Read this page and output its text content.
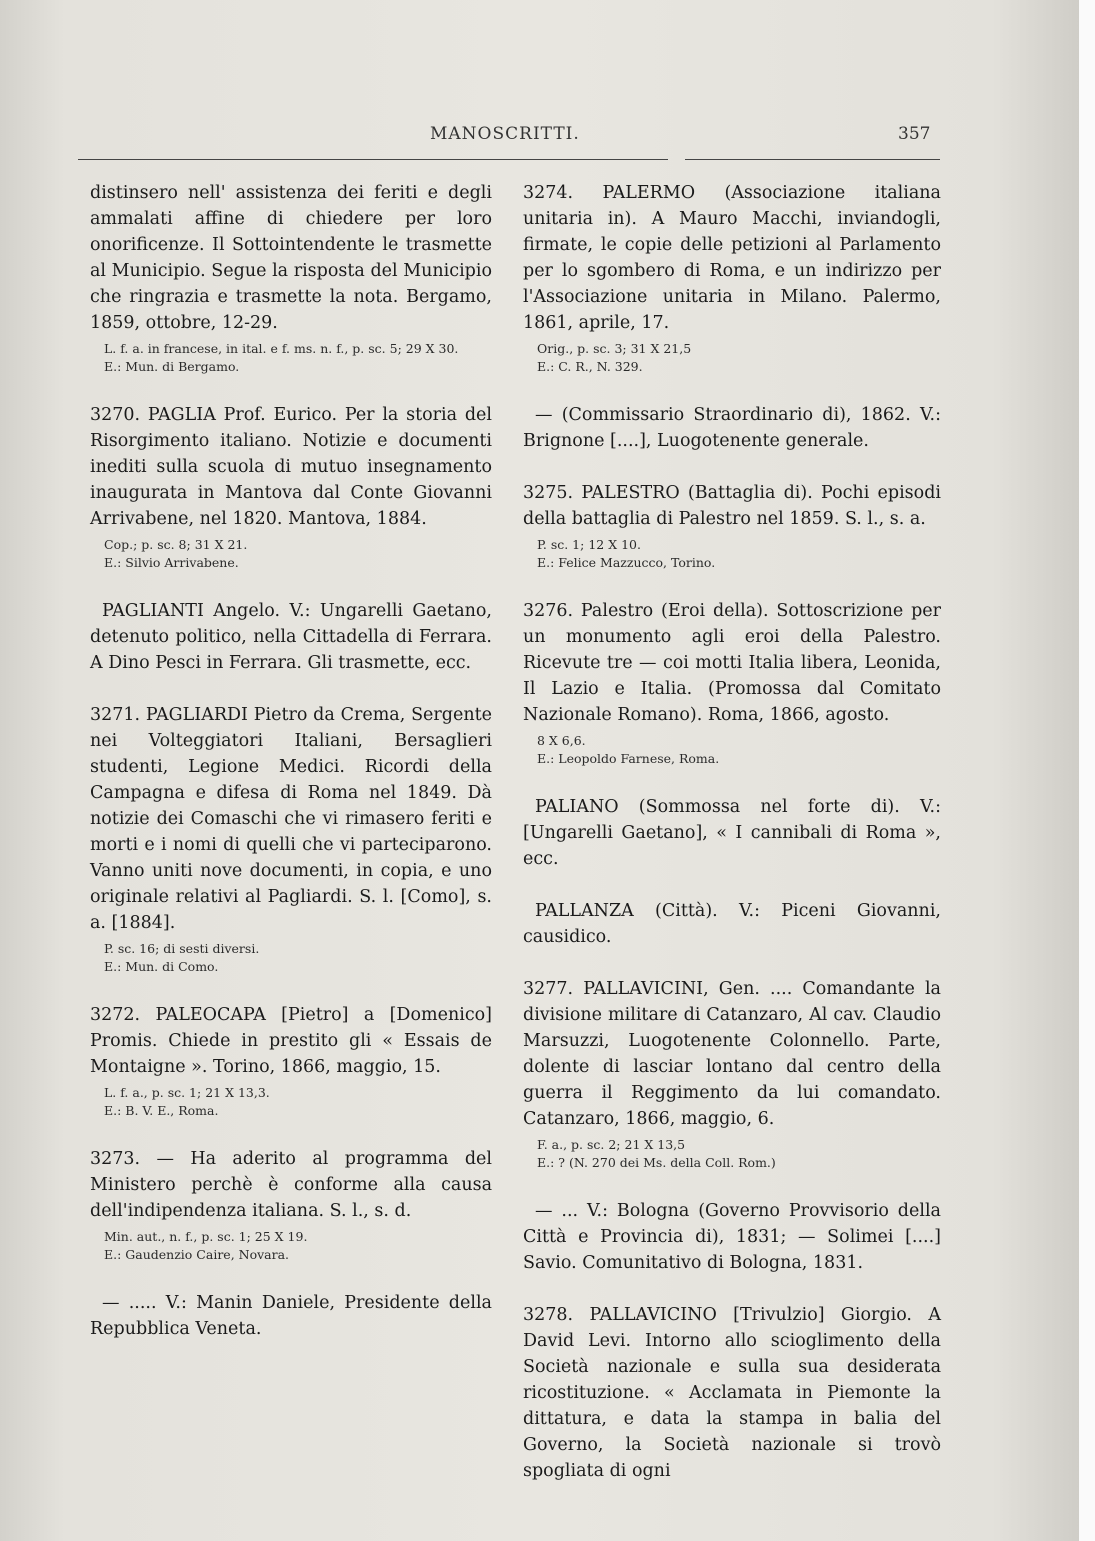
MANOSCRITTI.	357

distinsero nell' assistenza dei feriti e degli ammalati affine di chiedere per loro onorificenze. Il Sottointendente le trasmette al Municipio. Segue la risposta del Municipio che ringrazia e trasmette la nota. Bergamo, 1859, ottobre, 12-29.

L. f. a. in francese, in ital. e f. ms. n. f., p. sc. 5; 29 X 30.
E.: Mun. di Bergamo.

3270. PAGLIA Prof. Eurico. Per la storia del Risorgimento italiano. Notizie e documenti inediti sulla scuola di mutuo insegnamento inaugurata in Mantova dal Conte Giovanni Arrivabene, nel 1820. Mantova, 1884.

Cop.; p. sc. 8; 31 X 21.
E.: Silvio Arrivabene.

PAGLIANTI Angelo. V.: Ungarelli Gaetano, detenuto politico, nella Cittadella di Ferrara. A Dino Pesci in Ferrara. Gli trasmette, ecc.

3271. PAGLIARDI Pietro da Crema, Sergente nei Volteggiatori Italiani, Bersaglieri studenti, Legione Medici. Ricordi della Campagna e difesa di Roma nel 1849. Dà notizie dei Comaschi che vi rimasero feriti e morti e i nomi di quelli che vi parteciparono. Vanno uniti nove documenti, in copia, e uno originale relativi al Pagliardi. S. l. [Como], s. a. [1884].

P. sc. 16; di sesti diversi.
E.: Mun. di Como.

3272. PALEOCAPA [Pietro] a [Domenico] Promis. Chiede in prestito gli « Essais de Montaigne ». Torino, 1866, maggio, 15.

L. f. a., p. sc. 1; 21 X 13,3.
E.: B. V. E., Roma.

3273. — Ha aderito al programma del Ministero perchè è conforme alla causa dell'indipendenza italiana. S. l., s. d.

Min. aut., n. f., p. sc. 1; 25 X 19.
E.: Gaudenzio Caire, Novara.

— ..... V.: Manin Daniele, Presidente della Repubblica Veneta.

3274. PALERMO (Associazione italiana unitaria in). A Mauro Macchi, inviandogli, firmate, le copie delle petizioni al Parlamento per lo sgombero di Roma, e un indirizzo per l'Associazione unitaria in Milano. Palermo, 1861, aprile, 17.

Orig., p. sc. 3; 31 X 21,5
E.: C. R., N. 329.

— (Commissario Straordinario di), 1862. V.: Brignone [....], Luogotenente generale.

3275. PALESTRO (Battaglia di). Pochi episodi della battaglia di Palestro nel 1859. S. l., s. a.

P. sc. 1; 12 X 10.
E.: Felice Mazzucco, Torino.

3276. Palestro (Eroi della). Sottoscrizione per un monumento agli eroi della Palestro. Ricevute tre — coi motti Italia libera, Leonida, Il Lazio e Italia. (Promossa dal Comitato Nazionale Romano). Roma, 1866, agosto.

8 X 6,6.
E.: Leopoldo Farnese, Roma.

PALIANO (Sommossa nel forte di). V.: [Ungarelli Gaetano], « I cannibali di Roma », ecc.

PALLANZA (Città). V.: Piceni Giovanni, causidico.

3277. PALLAVICINI, Gen. .... Comandante la divisione militare di Catanzaro, Al cav. Claudio Marsuzzi, Luogotenente Colonnello. Parte, dolente di lasciar lontano dal centro della guerra il Reggimento da lui comandato. Catanzaro, 1866, maggio, 6.

F. a., p. sc. 2; 21 X 13,5
E.: ? (N. 270 dei Ms. della Coll. Rom.)

— ... V.: Bologna (Governo Provvisorio della Città e Provincia di), 1831; — Solimei [....] Savio. Comunitativo di Bologna, 1831.

3278. PALLAVICINO [Trivulzio] Giorgio. A David Levi. Intorno allo scioglimento della Società nazionale e sulla sua desiderata ricostituzione. « Acclamata in Piemonte la dittatura, e data la stampa in balia del Governo, la Società nazionale si trovò spogliata di ogni
